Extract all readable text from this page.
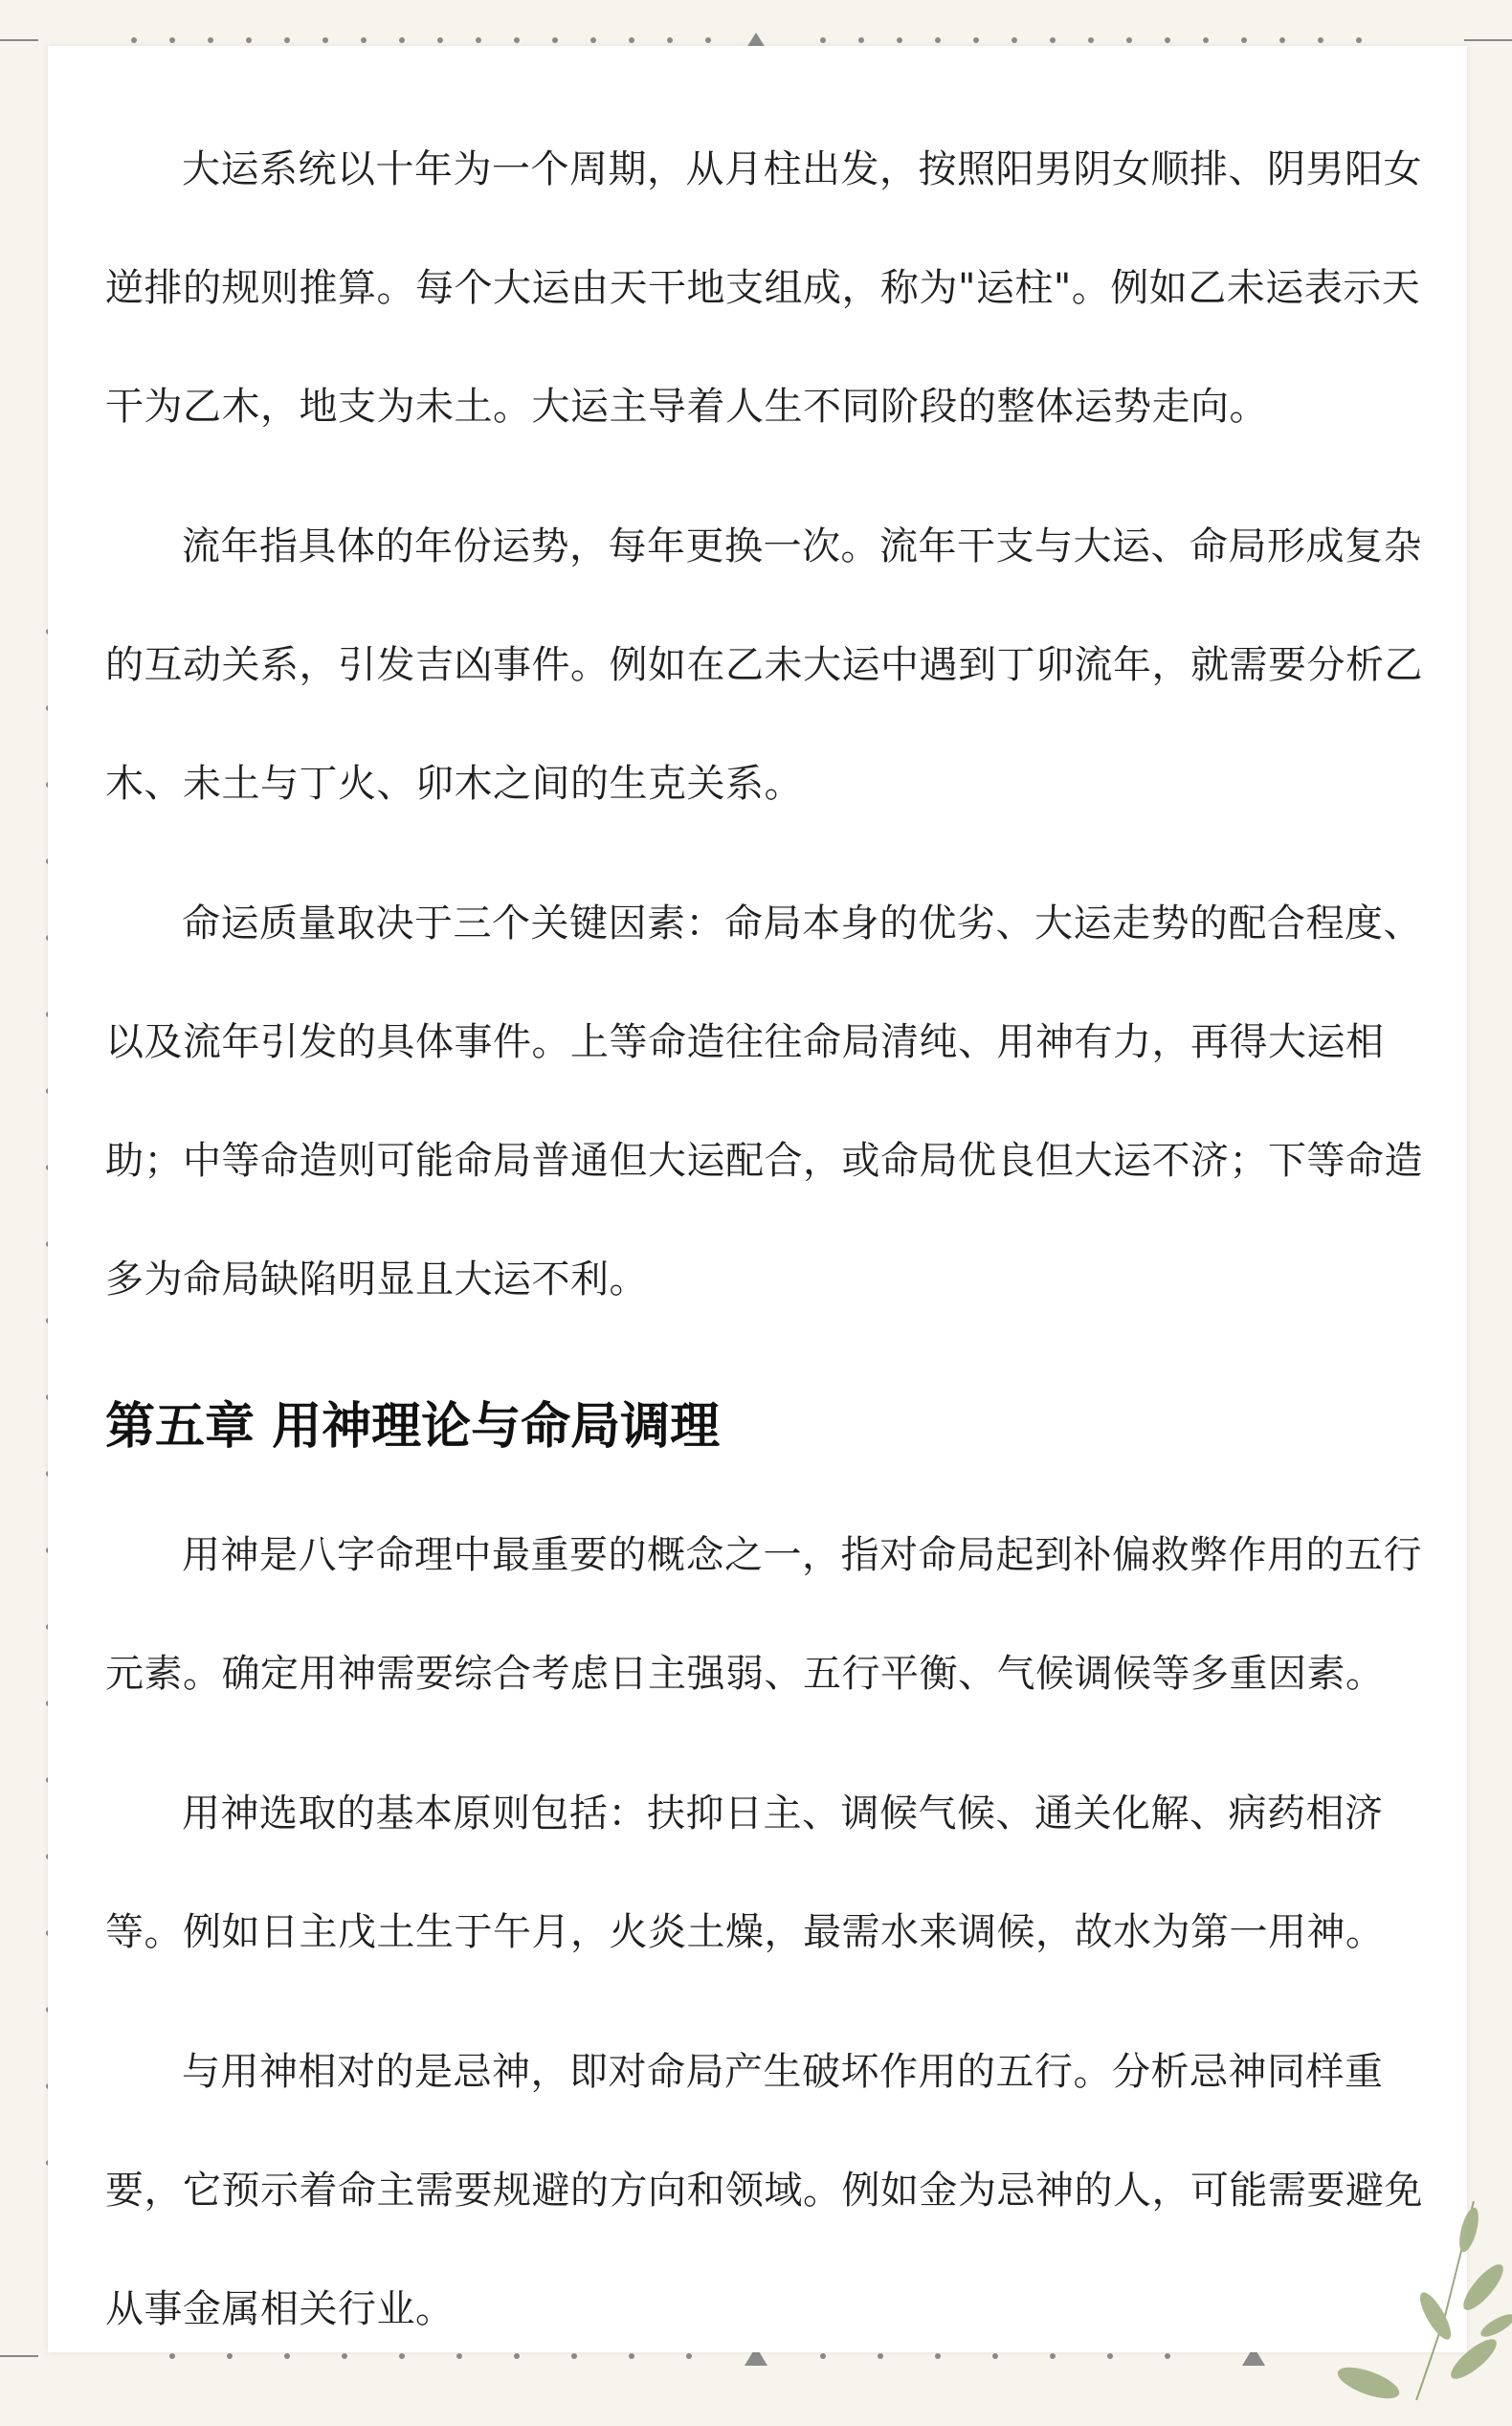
大运系统以十年为一个周期，从月柱出发，按照阳男阴女顺排、阴男阳女逆排的规则推算。每个大运由天干地支组成，称为"运柱"。例如乙未运表示天干为乙木，地支为未土。大运主导着人生不同阶段的整体运势走向。

流年指具体的年份运势，每年更换一次。流年干支与大运、命局形成复杂的互动关系，引发吉凶事件。例如在乙未大运中遇到丁卯流年，就需要分析乙木、未土与丁火、卯木之间的生克关系。

命运质量取决于三个关键因素：命局本身的优劣、大运走势的配合程度、以及流年引发的具体事件。上等命造往往命局清纯、用神有力，再得大运相助；中等命造则可能命局普通但大运配合，或命局优良但大运不济；下等命造多为命局缺陷明显且大运不利。

第五章 用神理论与命局调理

用神是八字命理中最重要的概念之一，指对命局起到补偏救弊作用的五行元素。确定用神需要综合考虑日主强弱、五行平衡、气候调候等多重因素。

用神选取的基本原则包括：扶抑日主、调候气候、通关化解、病药相济等。例如日主戊土生于午月，火炎土燥，最需水来调候，故水为第一用神。

与用神相对的是忌神，即对命局产生破坏作用的五行。分析忌神同样重要，它预示着命主需要规避的方向和领域。例如金为忌神的人，可能需要避免从事金属相关行业。
